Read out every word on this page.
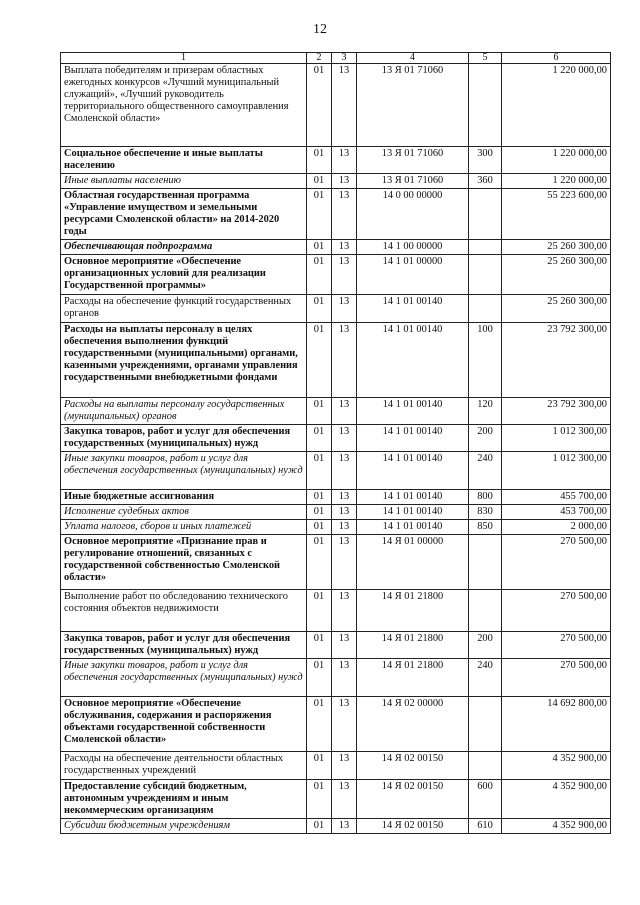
12
1	2	3	4	5	6
Выплата победителям и призерам областных ежегодных конкурсов «Лучший муниципальный служащий», «Лучший руководитель территориального общественного самоуправления Смоленской области»	01	13	13 Я 01 71060		1 220 000,00
Социальное обеспечение и иные выплаты населению	01	13	13 Я 01 71060	300	1 220 000,00
Иные выплаты населению	01	13	13 Я 01 71060	360	1 220 000,00
Областная государственная программа «Управление имуществом и земельными ресурсами Смоленской области» на 2014-2020 годы	01	13	14 0 00 00000		55 223 600,00
Обеспечивающая подпрограмма	01	13	14 1 00 00000		25 260 300,00
Основное мероприятие «Обеспечение организационных условий для реализации Государственной программы»	01	13	14 1 01 00000		25 260 300,00
Расходы на обеспечение функций государственных органов	01	13	14 1 01 00140		25 260 300,00
Расходы на выплаты персоналу в целях обеспечения выполнения функций государственными (муниципальными) органами, казенными учреждениями, органами управления государственными внебюджетными фондами	01	13	14 1 01 00140	100	23 792 300,00
Расходы на выплаты персоналу государственных (муниципальных) органов	01	13	14 1 01 00140	120	23 792 300,00
Закупка товаров, работ и услуг для обеспечения государственных (муниципальных) нужд	01	13	14 1 01 00140	200	1 012 300,00
Иные закупки товаров, работ и услуг для обеспечения государственных (муниципальных) нужд	01	13	14 1 01 00140	240	1 012 300,00
Иные бюджетные ассигнования	01	13	14 1 01 00140	800	455 700,00
Исполнение судебных актов	01	13	14 1 01 00140	830	453 700,00
Уплата налогов, сборов и иных платежей	01	13	14 1 01 00140	850	2 000,00
Основное мероприятие «Признание прав и регулирование отношений, связанных с государственной собственностью Смоленской области»	01	13	14 Я 01 00000		270 500,00
Выполнение работ по обследованию технического состояния объектов недвижимости	01	13	14 Я 01 21800		270 500,00
Закупка товаров, работ и услуг для обеспечения государственных (муниципальных) нужд	01	13	14 Я 01 21800	200	270 500,00
Иные закупки товаров, работ и услуг для обеспечения государственных (муниципальных) нужд	01	13	14 Я 01 21800	240	270 500,00
Основное мероприятие «Обеспечение обслуживания, содержания и распоряжения объектами государственной собственности Смоленской области»	01	13	14 Я 02 00000		14 692 800,00
Расходы на обеспечение деятельности областных государственных учреждений	01	13	14 Я 02 00150		4 352 900,00
Предоставление субсидий бюджетным, автономным учреждениям и иным некоммерческим организациям	01	13	14 Я 02 00150	600	4 352 900,00
Субсидии бюджетным учреждениям	01	13	14 Я 02 00150	610	4 352 900,00
